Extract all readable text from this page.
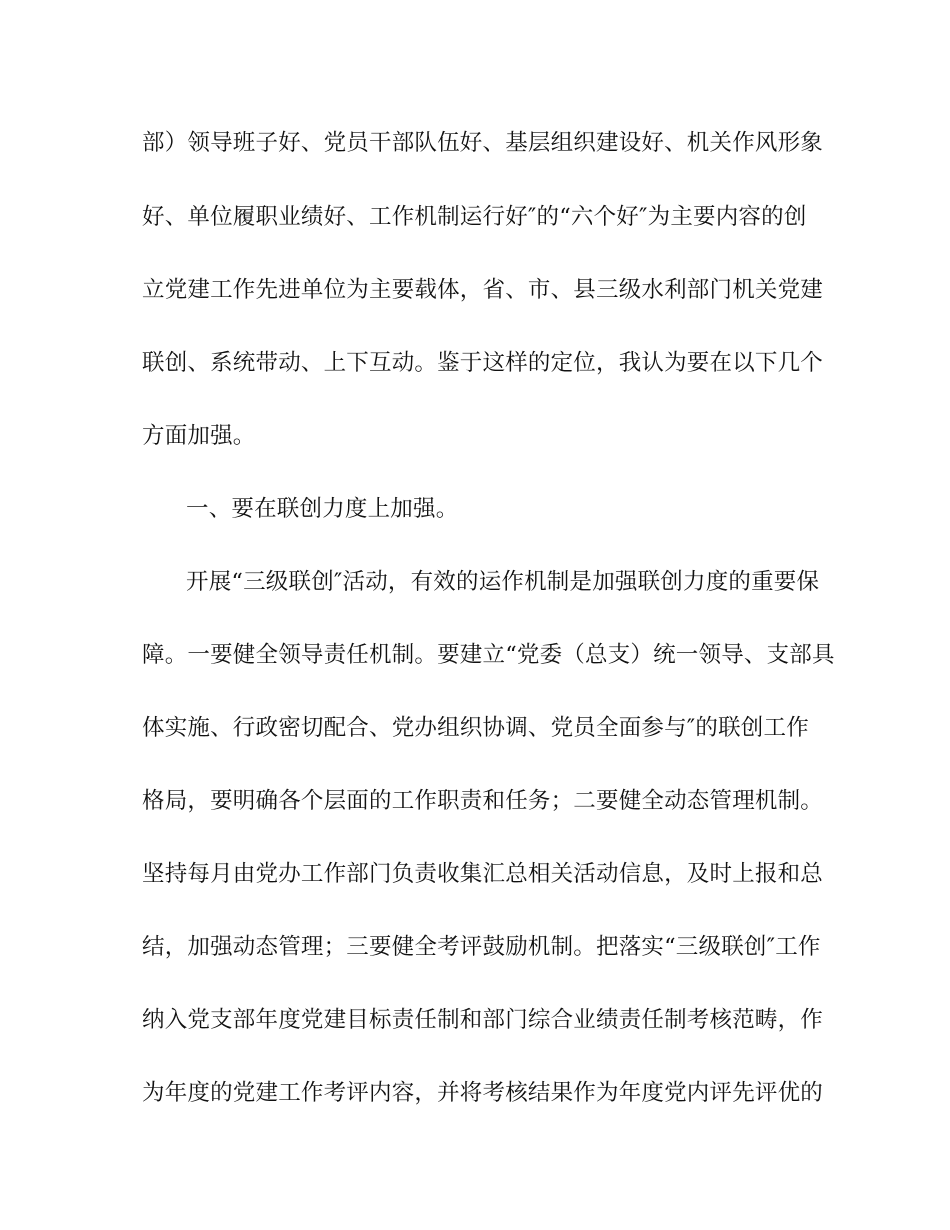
部）领导班子好、党员干部队伍好、基层组织建设好、机关作风形象
好、单位履职业绩好、工作机制运行好″的“六个好″为主要内容的创
立党建工作先进单位为主要载体，省、市、县三级水利部门机关党建
联创、系统带动、上下互动。鉴于这样的定位，我认为要在以下几个
方面加强。
一、要在联创力度上加强。
开展“三级联创″活动，有效的运作机制是加强联创力度的重要保
障。一要健全领导责任机制。要建立“党委（总支）统一领导、支部具
体实施、行政密切配合、党办组织协调、党员全面参与″的联创工作
格局，要明确各个层面的工作职责和任务；二要健全动态管理机制。
坚持每月由党办工作部门负责收集汇总相关活动信息，及时上报和总
结，加强动态管理；三要健全考评鼓励机制。把落实“三级联创″工作
纳入党支部年度党建目标责任制和部门综合业绩责任制考核范畴，作
为年度的党建工作考评内容，并将考核结果作为年度党内评先评优的
